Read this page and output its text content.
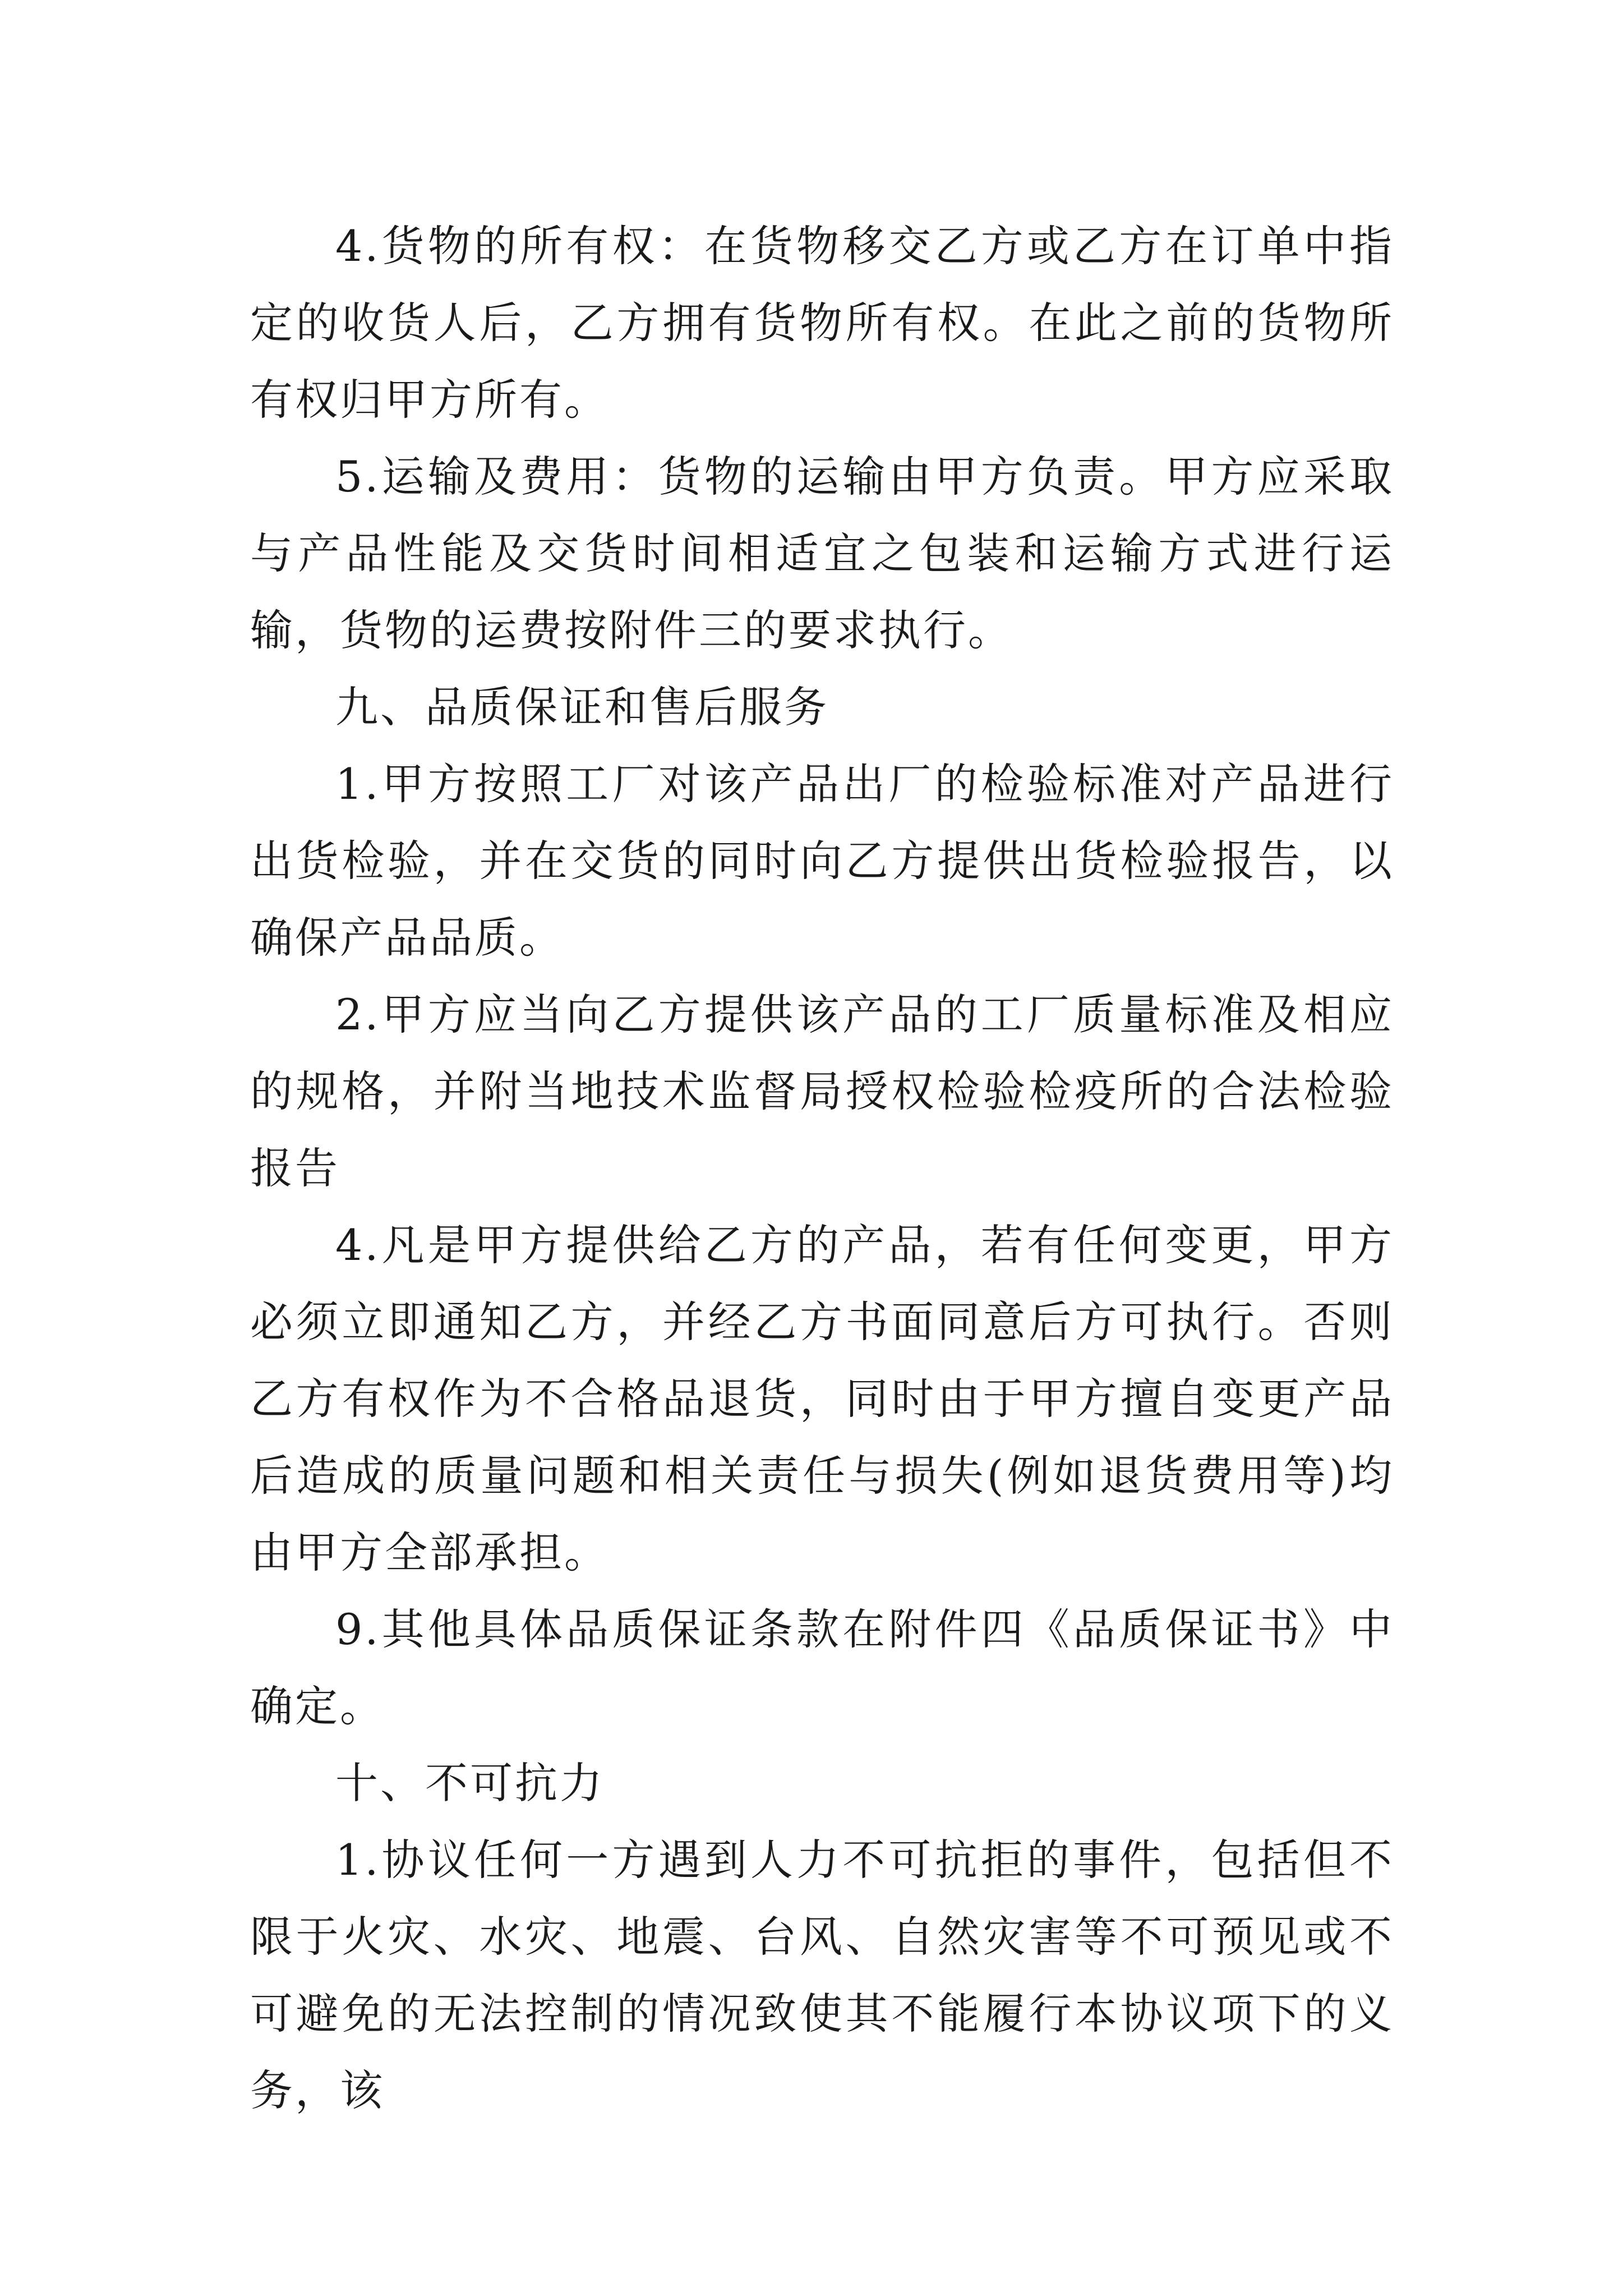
4.货物的所有权：在货物移交乙方或乙方在订单中指定的收货人后，乙方拥有货物所有权。在此之前的货物所有权归甲方所有。

5.运输及费用：货物的运输由甲方负责。甲方应采取与产品性能及交货时间相适宜之包装和运输方式进行运输，货物的运费按附件三的要求执行。

九、品质保证和售后服务

1.甲方按照工厂对该产品出厂的检验标准对产品进行出货检验，并在交货的同时向乙方提供出货检验报告，以确保产品品质。

2.甲方应当向乙方提供该产品的工厂质量标准及相应的规格，并附当地技术监督局授权检验检疫所的合法检验报告

4.凡是甲方提供给乙方的产品，若有任何变更，甲方必须立即通知乙方，并经乙方书面同意后方可执行。否则乙方有权作为不合格品退货，同时由于甲方擅自变更产品后造成的质量问题和相关责任与损失(例如退货费用等)均由甲方全部承担。

9.其他具体品质保证条款在附件四《品质保证书》中确定。

十、不可抗力

1.协议任何一方遇到人力不可抗拒的事件，包括但不限于火灾、水灾、地震、台风、自然灾害等不可预见或不可避免的无法控制的情况致使其不能履行本协议项下的义务，该
